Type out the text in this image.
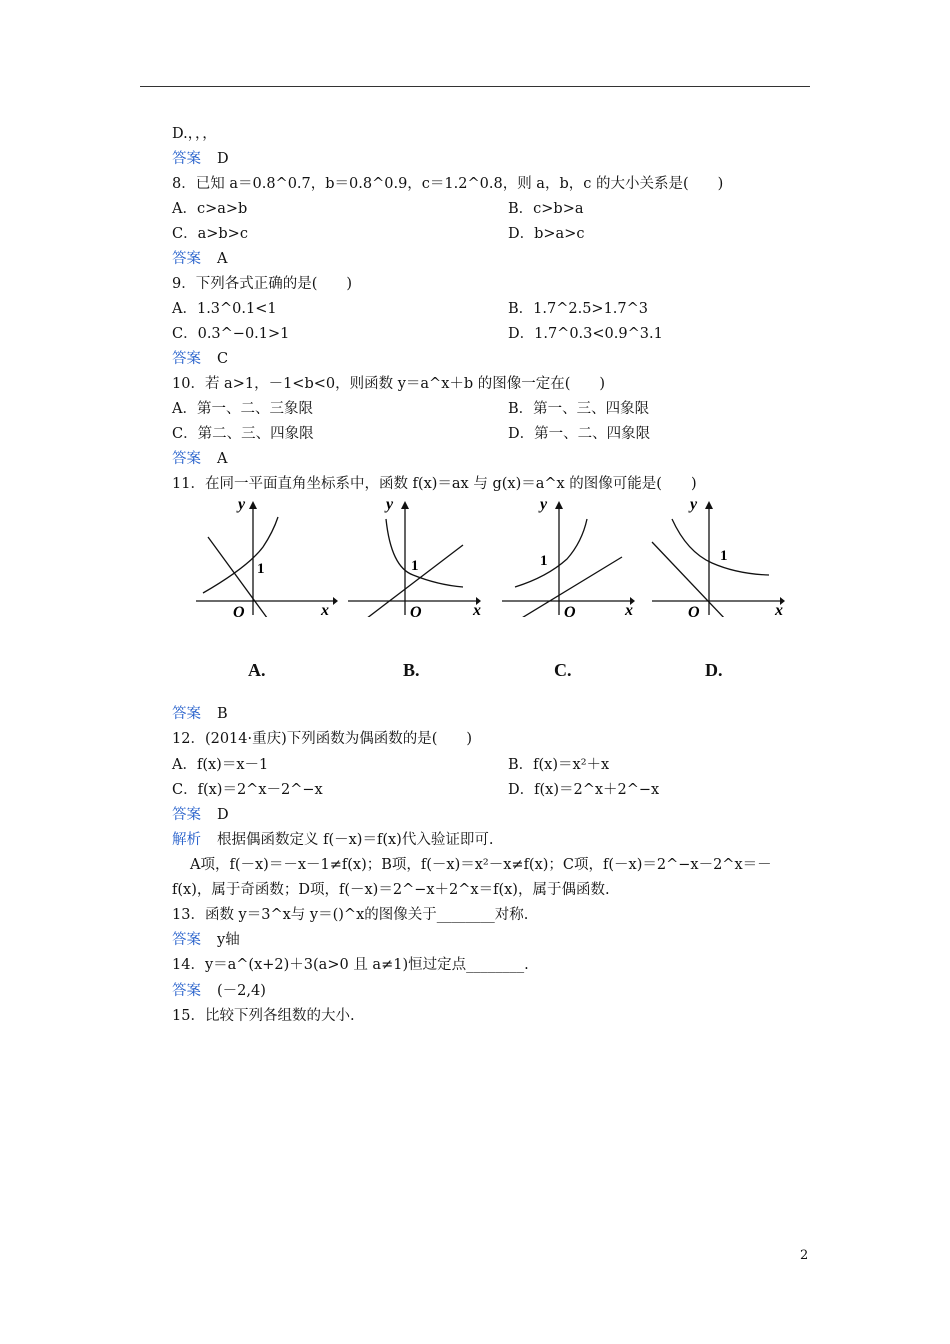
D.，，，
答案 D
8．已知 a＝0.8^0.7，b＝0.8^0.9，c＝1.2^0.8，则 a，b，c 的大小关系是(　　)
A．c>a>b	B．c>b>a
C．a>b>c	D．b>a>c
答案 A
9．下列各式正确的是(　　)
A．1.3^0.1<1	B．1.7^2.5>1.7^3
C．0.3^−0.1>1	D．1.7^0.3<0.9^3.1
答案 C
10．若 a>1，－1<b<0，则函数 y＝a^x＋b 的图像一定在(　　)
A．第一、二、三象限	B．第一、三、四象限
C．第二、三、四象限	D．第一、二、四象限
答案 A
11．在同一平面直角坐标系中，函数 f(x)＝ax 与 g(x)＝a^x 的图像可能是(　　)
y
x
O
1
A.
y
x
O
1
B.
y
x
O
1
C.
y
x
O
1
D.
答案 B
12．(2014·重庆)下列函数为偶函数的是(　　)
A．f(x)＝x－1	B．f(x)＝x²＋x
C．f(x)＝2^x－2^−x	D．f(x)＝2^x＋2^−x
答案 D
解析 根据偶函数定义 f(－x)＝f(x)代入验证即可.
A项，f(－x)＝－x－1≠f(x)；B项，f(－x)＝x²－x≠f(x)；C项，f(－x)＝2^−x－2^x＝－
f(x)，属于奇函数；D项，f(－x)＝2^−x＋2^x＝f(x)，属于偶函数.
13．函数 y＝3^x与 y＝()^x的图像关于________对称.
答案 y轴
14．y＝a^(x+2)＋3(a>0 且 a≠1)恒过定点________.
答案 (－2,4)
15．比较下列各组数的大小.
2
